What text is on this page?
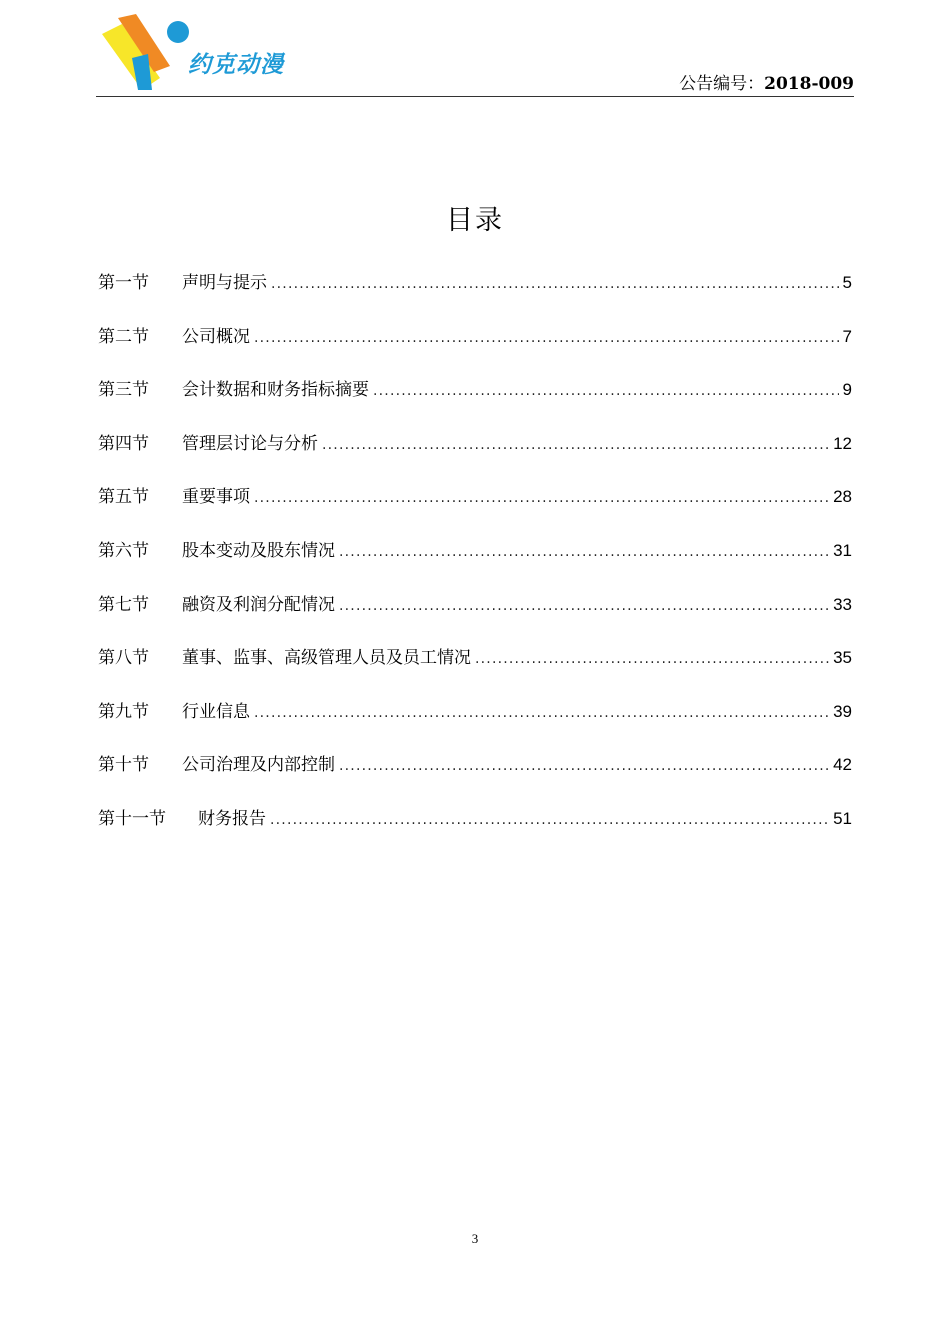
约克动漫
公告编号：2018-009
目录
第一节	声明与提示 .....	5
第二节	公司概况 .....	7
第三节	会计数据和财务指标摘要 .....	9
第四节	管理层讨论与分析 .....	12
第五节	重要事项 .....	28
第六节	股本变动及股东情况 .....	31
第七节	融资及利润分配情况 .....	33
第八节	董事、监事、高级管理人员及员工情况 .....	35
第九节	行业信息 .....	39
第十节	公司治理及内部控制 .....	42
第十一节	财务报告 .....	51
3
